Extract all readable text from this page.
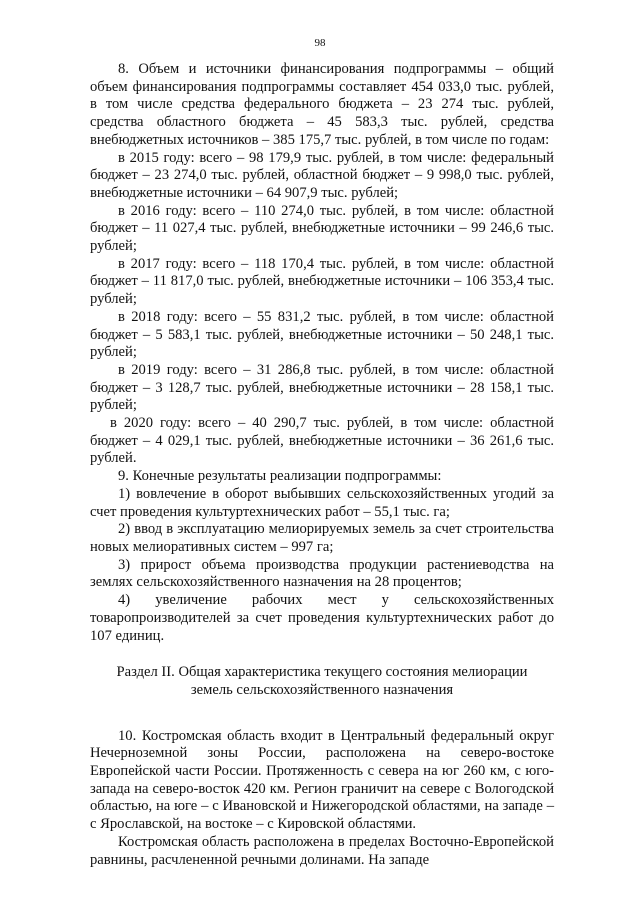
98

8. Объем и источники финансирования подпрограммы – общий объем финансирования подпрограммы составляет 454 033,0 тыс. рублей, в том числе средства федерального бюджета – 23 274 тыс. рублей, средства областного бюджета – 45 583,3 тыс. рублей, средства внебюджетных источников – 385 175,7 тыс. рублей, в том числе по годам:

в 2015 году: всего – 98 179,9 тыс. рублей, в том числе: федеральный бюджет – 23 274,0 тыс. рублей, областной бюджет – 9 998,0 тыс. рублей, внебюджетные источники – 64 907,9 тыс. рублей;

в 2016 году: всего – 110 274,0 тыс. рублей, в том числе: областной бюджет – 11 027,4 тыс. рублей, внебюджетные источники – 99 246,6 тыс. рублей;

в 2017 году: всего – 118 170,4 тыс. рублей, в том числе: областной бюджет – 11 817,0 тыс. рублей, внебюджетные источники – 106 353,4 тыс. рублей;

в 2018 году: всего – 55 831,2 тыс. рублей, в том числе: областной бюджет – 5 583,1 тыс. рублей, внебюджетные источники – 50 248,1 тыс. рублей;

в 2019 году: всего – 31 286,8 тыс. рублей, в том числе: областной бюджет – 3 128,7 тыс. рублей, внебюджетные источники – 28 158,1 тыс. рублей;

в 2020 году: всего – 40 290,7 тыс. рублей, в том числе: областной бюджет – 4 029,1 тыс. рублей, внебюджетные источники – 36 261,6 тыс. рублей.

9. Конечные результаты реализации подпрограммы:

1) вовлечение в оборот выбывших сельскохозяйственных угодий за счет проведения культуртехнических работ – 55,1 тыс. га;

2) ввод в эксплуатацию мелиорируемых земель за счет строительства новых мелиоративных систем – 997 га;

3) прирост объема производства продукции растениеводства на землях сельскохозяйственного назначения на 28 процентов;

4) увеличение рабочих мест у сельскохозяйственных товаропроизводителей за счет проведения культуртехнических работ до 107 единиц.

Раздел II. Общая характеристика текущего состояния мелиорации

земель сельскохозяйственного назначения

10. Костромская область входит в Центральный федеральный округ Нечерноземной зоны России, расположена на северо-востоке Европейской части России. Протяженность с севера на юг 260 км, с юго-запада на северо-восток 420 км. Регион граничит на севере с Вологодской областью, на юге – с Ивановской и Нижегородской областями, на западе – с Ярославской, на востоке – с Кировской областями.

Костромская область расположена в пределах Восточно-Европейской равнины, расчлененной речными долинами. На западе
